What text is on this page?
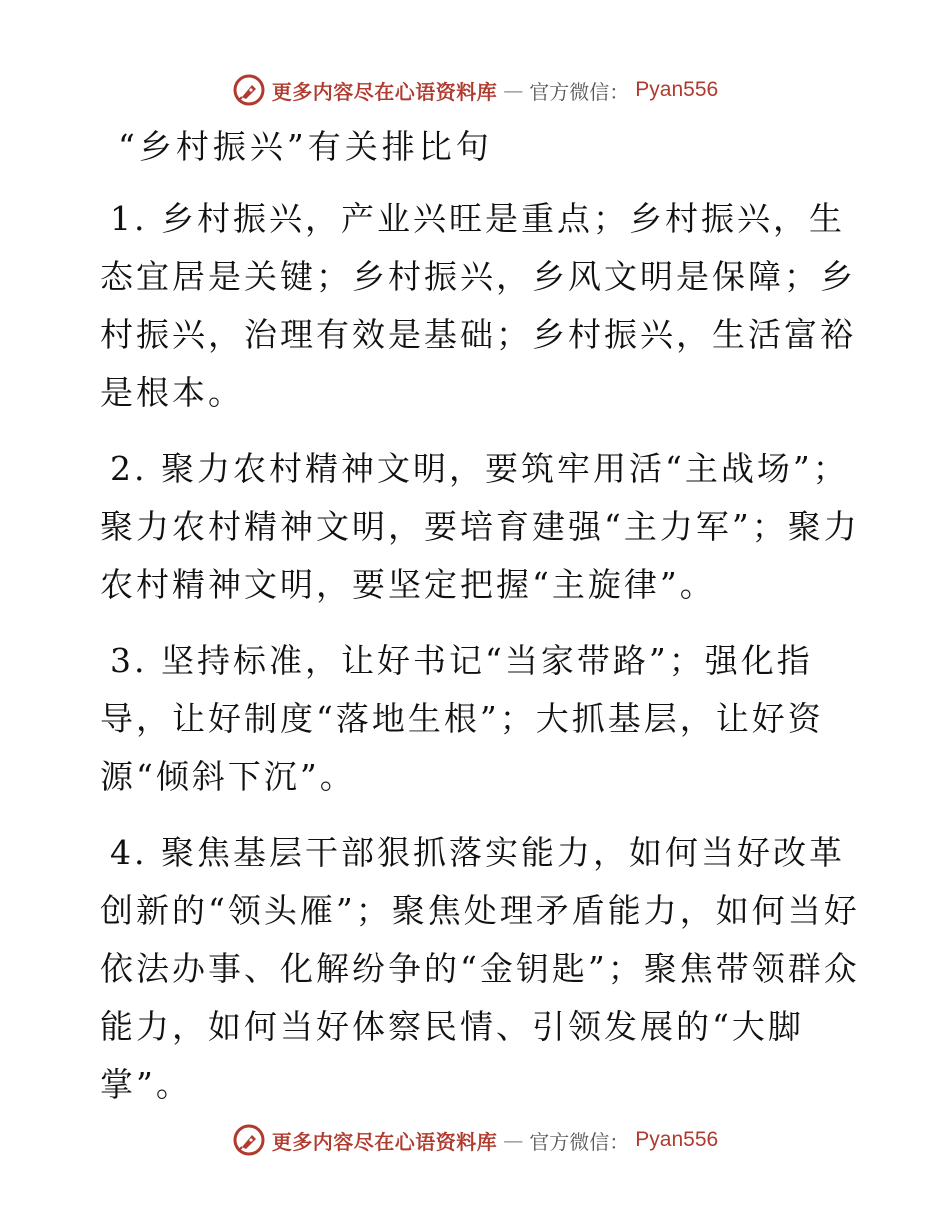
更多内容尽在心语资料库 — 官方微信： Pyan556
“乡村振兴”有关排比句

1. 乡村振兴，产业兴旺是重点；乡村振兴，生态宜居是关键；乡村振兴，乡风文明是保障；乡村振兴，治理有效是基础；乡村振兴，生活富裕是根本。

2. 聚力农村精神文明，要筑牢用活“主战场”；聚力农村精神文明，要培育建强“主力军”；聚力农村精神文明，要坚定把握“主旋律”。

3. 坚持标准，让好书记“当家带路”；强化指导，让好制度“落地生根”；大抓基层，让好资源“倾斜下沉”。

4. 聚焦基层干部狠抓落实能力，如何当好改革创新的“领头雁”；聚焦处理矛盾能力，如何当好依法办事、化解纷争的“金钥匙”；聚焦带领群众能力，如何当好体察民情、引领发展的“大脚掌”。

更多内容尽在心语资料库 — 官方微信： Pyan556
